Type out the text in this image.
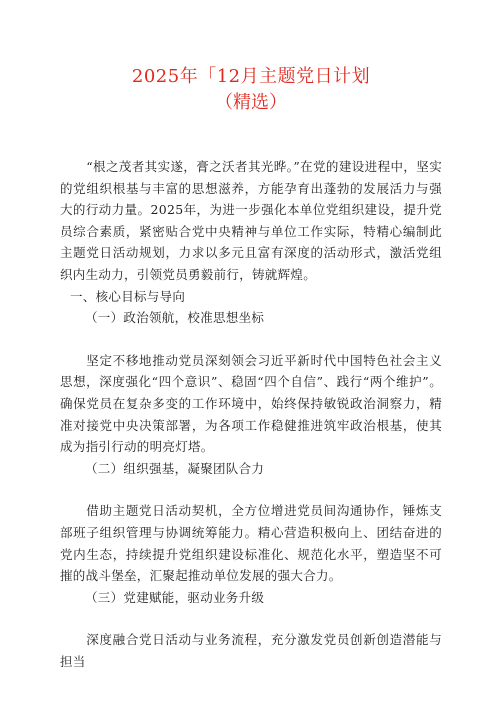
2025年「12月主题党日计划
（精选）

“根之茂者其实遂，膏之沃者其光晔。”在党的建设进程中，坚实的党组织根基与丰富的思想滋养，方能孕育出蓬勃的发展活力与强大的行动力量。2025年，为进一步强化本单位党组织建设，提升党员综合素质，紧密贴合党中央精神与单位工作实际，特精心编制此主题党日活动规划，力求以多元且富有深度的活动形式，激活党组织内生动力，引领党员勇毅前行，铸就辉煌。

一、核心目标与导向

（一）政治领航，校准思想坐标

坚定不移地推动党员深刻领会习近平新时代中国特色社会主义思想，深度强化“四个意识”、稳固“四个自信”、践行“两个维护”。确保党员在复杂多变的工作环境中，始终保持敏锐政治洞察力，精准对接党中央决策部署，为各项工作稳健推进筑牢政治根基，使其成为指引行动的明亮灯塔。

（二）组织强基，凝聚团队合力

借助主题党日活动契机，全方位增进党员间沟通协作，锤炼支部班子组织管理与协调统筹能力。精心营造积极向上、团结奋进的党内生态，持续提升党组织建设标准化、规范化水平，塑造坚不可摧的战斗堡垒，汇聚起推动单位发展的强大合力。

（三）党建赋能，驱动业务升级

深度融合党日活动与业务流程，充分激发党员创新创造潜能与担当
